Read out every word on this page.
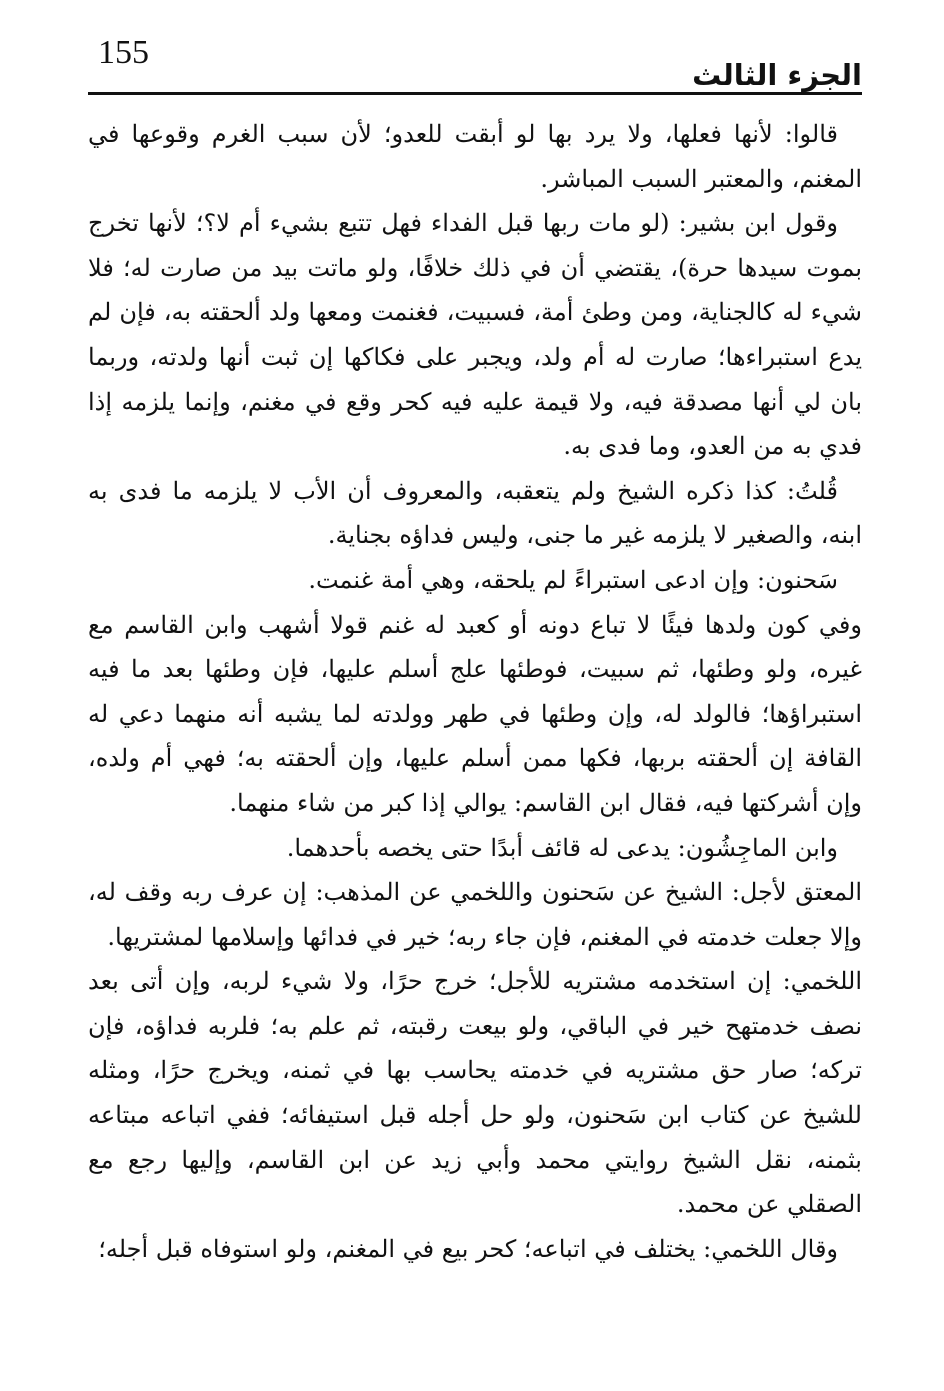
155
الجزء الثالث

قالوا: لأنها فعلها، ولا يرد بها لو أبقت للعدو؛ لأن سبب الغرم وقوعها في المغنم، والمعتبر السبب المباشر.

وقول ابن بشير: (لو مات ربها قبل الفداء فهل تتبع بشيء أم لا؟؛ لأنها تخرج بموت سيدها حرة)، يقتضي أن في ذلك خلافًا، ولو ماتت بيد من صارت له؛ فلا شيء له كالجناية، ومن وطئ أمة، فسبيت، فغنمت ومعها ولد ألحقته به، فإن لم يدع استبراءها؛ صارت له أم ولد، ويجبر على فكاكها إن ثبت أنها ولدته، وربما بان لي أنها مصدقة فيه، ولا قيمة عليه فيه كحر وقع في مغنم، وإنما يلزمه إذا فدي به من العدو، وما فدى به.

قُلتُ: كذا ذكره الشيخ ولم يتعقبه، والمعروف أن الأب لا يلزمه ما فدى به ابنه، والصغير لا يلزمه غير ما جنى، وليس فداؤه بجناية.

سَحنون: وإن ادعى استبراءً لم يلحقه، وهي أمة غنمت.

وفي كون ولدها فيئًا لا تباع دونه أو كعبد له غنم قولا أشهب وابن القاسم مع غيره، ولو وطئها، ثم سبيت، فوطئها علج أسلم عليها، فإن وطئها بعد ما فيه استبراؤها؛ فالولد له، وإن وطئها في طهر وولدته لما يشبه أنه منهما دعي له القافة إن ألحقته بربها، فكها ممن أسلم عليها، وإن ألحقته به؛ فهي أم ولده، وإن أشركتها فيه، فقال ابن القاسم: يوالي إذا كبر من شاء منهما.

وابن الماجِشُون: يدعى له قائف أبدًا حتى يخصه بأحدهما.

المعتق لأجل: الشيخ عن سَحنون واللخمي عن المذهب: إن عرف ربه وقف له، وإلا جعلت خدمته في المغنم، فإن جاء ربه؛ خير في فدائها وإسلامها لمشتريها.

اللخمي: إن استخدمه مشتريه للأجل؛ خرج حرًا، ولا شيء لربه، وإن أتى بعد نصف خدمتهح خير في الباقي، ولو بيعت رقبته، ثم علم به؛ فلربه فداؤه، فإن تركه؛ صار حق مشتريه في خدمته يحاسب بها في ثمنه، ويخرج حرًا، ومثله للشيخ عن كتاب ابن سَحنون، ولو حل أجله قبل استيفائه؛ ففي اتباعه مبتاعه بثمنه، نقل الشيخ روايتي محمد وأبي زيد عن ابن القاسم، وإليها رجع مع الصقلي عن محمد.

وقال اللخمي: يختلف في اتباعه؛ كحر بيع في المغنم، ولو استوفاه قبل أجله؛
